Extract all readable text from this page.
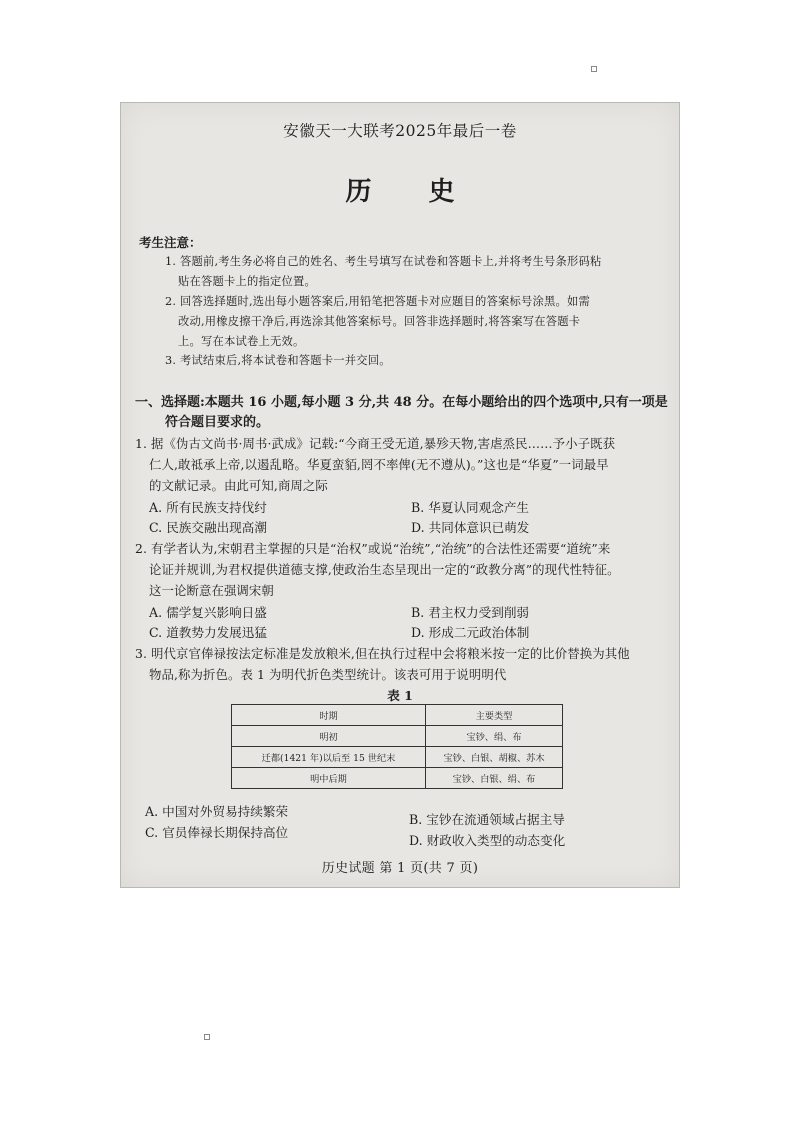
安徽天一大联考2025年最后一卷
历 史
考生注意：
1. 答题前,考生务必将自己的姓名、考生号填写在试卷和答题卡上,并将考生号条形码粘
贴在答题卡上的指定位置。
2. 回答选择题时,选出每小题答案后,用铅笔把答题卡对应题目的答案标号涂黑。如需
改动,用橡皮擦干净后,再选涂其他答案标号。回答非选择题时,将答案写在答题卡
上。写在本试卷上无效。
3. 考试结束后,将本试卷和答题卡一并交回。
一、选择题:本题共 16 小题,每小题 3 分,共 48 分。在每小题给出的四个选项中,只有一项是
符合题目要求的。
1. 据《伪古文尚书·周书·武成》记载:“今商王受无道,暴殄天物,害虐烝民……予小子既获
仁人,敢祗承上帝,以遏乱略。华夏蛮貊,罔不率俾(无不遵从)。”这也是“华夏”一词最早
的文献记录。由此可知,商周之际
A. 所有民族支持伐纣	B. 华夏认同观念产生
C. 民族交融出现高潮	D. 共同体意识已萌发
2. 有学者认为,宋朝君主掌握的只是“治权”或说“治统”,“治统”的合法性还需要“道统”来
论证并规训,为君权提供道德支撑,使政治生态呈现出一定的“政教分离”的现代性特征。
这一论断意在强调宋朝
A. 儒学复兴影响日盛	B. 君主权力受到削弱
C. 道教势力发展迅猛	D. 形成二元政治体制
3. 明代京官俸禄按法定标准是发放粮米,但在执行过程中会将粮米按一定的比价替换为其他
物品,称为折色。表 1 为明代折色类型统计。该表可用于说明明代
表 1
时期	主要类型
明初	宝钞、绢、布
迁都(1421 年)以后至 15 世纪末	宝钞、白银、胡椒、苏木
明中后期	宝钞、白银、绢、布
A. 中国对外贸易持续繁荣
B. 宝钞在流通领域占据主导
C. 官员俸禄长期保持高位
D. 财政收入类型的动态变化
历史试题 第 1 页(共 7 页)
